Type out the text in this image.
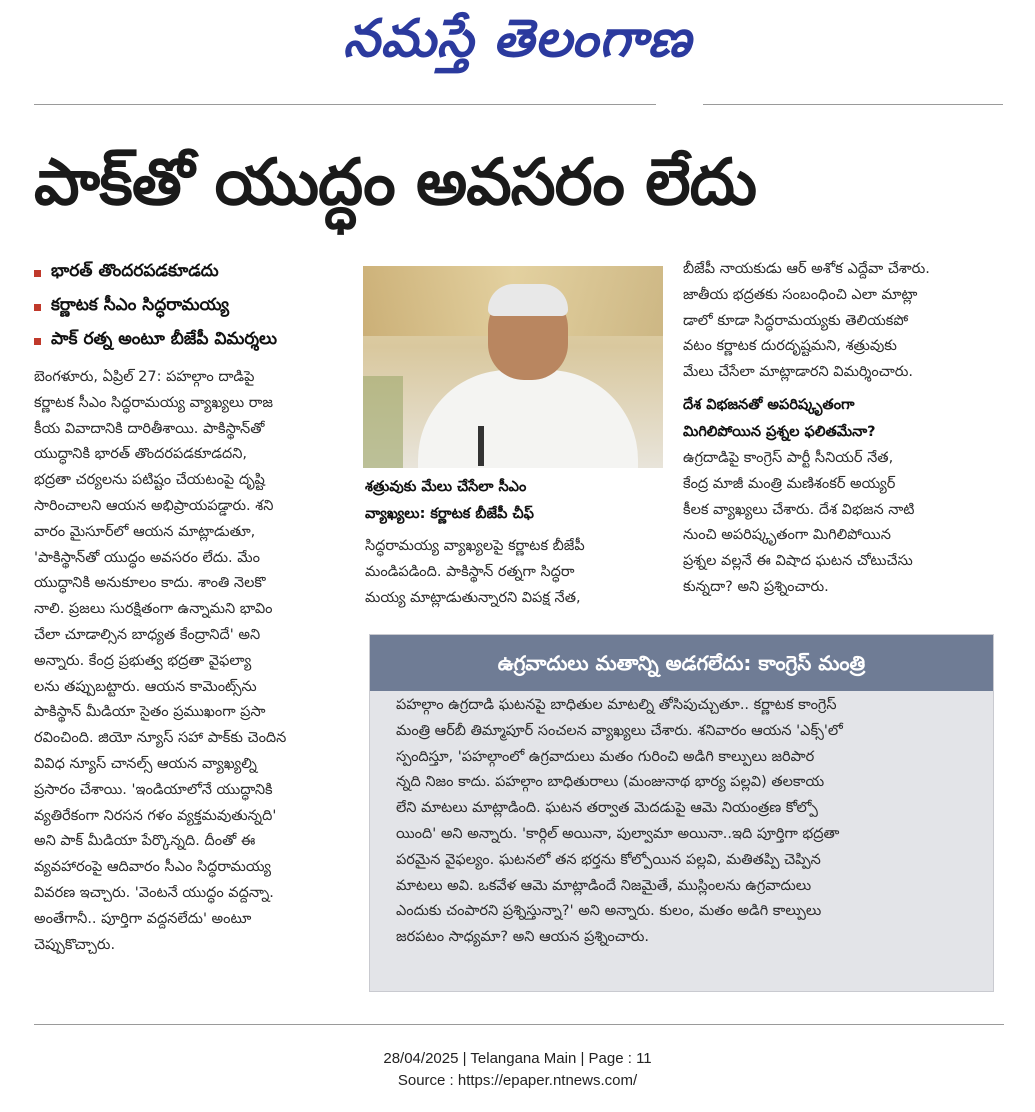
నమస్తే తెలంగాణ
పాక్‌తో యుద్ధం అవసరం లేదు
భారత్ తొందరపడకూడదు
కర్ణాటక సీఎం సిద్ధరామయ్య
పాక్ రత్న అంటూ బీజేపీ విమర్శలు

బెంగళూరు, ఏప్రిల్ 27: పహల్గాం దాడిపై

కర్ణాటక సీఎం సిద్ధరామయ్య వ్యాఖ్యలు రాజ

కీయ వివాదానికి దారితీశాయి. పాకిస్థాన్‌తో

యుద్ధానికి భారత్ తొందరపడకూడదని,

భద్రతా చర్యలను పటిష్టం చేయటంపై దృష్టి

సారించాలని ఆయన అభిప్రాయపడ్డారు. శని

వారం మైసూర్‌లో ఆయన మాట్లాడుతూ,

'పాకిస్థాన్‌తో యుద్ధం అవసరం లేదు. మేం

యుద్ధానికి అనుకూలం కాదు. శాంతి నెలకొ

నాలి. ప్రజలు సురక్షితంగా ఉన్నామని భావిం

చేలా చూడాల్సిన బాధ్యత కేంద్రానిదే' అని

అన్నారు. కేంద్ర ప్రభుత్వ భద్రతా వైఫల్యా

లను తప్పుబట్టారు. ఆయన కామెంట్స్‌ను

పాకిస్థాన్ మీడియా సైతం ప్రముఖంగా ప్రసా

రవించింది. జియో న్యూస్ సహా పాక్‌కు చెందిన

వివిధ న్యూస్ చానల్స్ ఆయన వ్యాఖ్యల్ని

ప్రసారం చేశాయి. 'ఇండియాలోనే యుద్ధానికి

వ్యతిరేకంగా నిరసన గళం వ్యక్తమవుతున్నది'

అని పాక్ మీడియా పేర్కొన్నది. దీంతో ఈ

వ్యవహారంపై ఆదివారం సీఎం సిద్ధరామయ్య

వివరణ ఇచ్చారు. 'వెంటనే యుద్ధం వద్దన్నా.

అంతేగానీ.. పూర్తిగా వద్దనలేదు' అంటూ

చెప్పుకొచ్చారు.

శత్రువుకు మేలు చేసేలా సీఎం

వ్యాఖ్యలు: కర్ణాటక బీజేపీ చీఫ్

సిద్ధరామయ్య వ్యాఖ్యలపై కర్ణాటక బీజేపీ

మండిపడింది. పాకిస్థాన్ రత్నగా సిద్ధరా

మయ్య మాట్లాడుతున్నారని విపక్ష నేత,

బీజేపీ నాయకుడు ఆర్ అశోక ఎద్దేవా చేశారు.

జాతీయ భద్రతకు సంబంధించి ఎలా మాట్లా

డాలో కూడా సిద్ధరామయ్యకు తెలియకపో

వటం కర్ణాటక దురదృష్టమని, శత్రువుకు

మేలు చేసేలా మాట్లాడారని విమర్శించారు.

దేశ విభజనతో అపరిష్కృతంగా

మిగిలిపోయిన ప్రశ్నల ఫలితమేనా?

ఉగ్రదాడిపై కాంగ్రెస్ పార్టీ సీనియర్ నేత,

కేంద్ర మాజీ మంత్రి మణిశంకర్ అయ్యర్

కీలక వ్యాఖ్యలు చేశారు. దేశ విభజన నాటి

నుంచి అపరిష్కృతంగా మిగిలిపోయిన

ప్రశ్నల వల్లనే ఈ విషాద ఘటన చోటుచేసు

కున్నదా? అని ప్రశ్నించారు.

ఉగ్రవాదులు మతాన్ని అడగలేదు: కాంగ్రెస్ మంత్రి

పహల్గాం ఉగ్రదాడి ఘటనపై బాధితుల మాటల్ని తోసిపుచ్చుతూ.. కర్ణాటక కాంగ్రెస్

మంత్రి ఆర్‌బీ తిమ్మాపూర్ సంచలన వ్యాఖ్యలు చేశారు. శనివారం ఆయన 'ఎక్స్'లో

స్పందిస్తూ, 'పహల్గాంలో ఉగ్రవాదులు మతం గురించి అడిగి కాల్పులు జరిపార

న్నది నిజం కాదు. పహల్గాం బాధితురాలు (మంజునాథ భార్య పల్లవి) తలకాయ

లేని మాటలు మాట్లాడింది. ఘటన తర్వాత మెదడుపై ఆమె నియంత్రణ కోల్పో

యింది' అని అన్నారు. 'కార్గిల్ అయినా, పుల్వామా అయినా..ఇది పూర్తిగా భద్రతా

పరమైన వైఫల్యం. ఘటనలో తన భర్తను కోల్పోయిన పల్లవి, మతితప్పి చెప్పిన

మాటలు అవి. ఒకవేళ ఆమె మాట్లాడిందే నిజమైతే, ముస్లింలను ఉగ్రవాదులు

ఎందుకు చంపారని ప్రశ్నిస్తున్నా?' అని అన్నారు. కులం, మతం అడిగి కాల్పులు

జరపటం సాధ్యమా? అని ఆయన ప్రశ్నించారు.

28/04/2025 | Telangana Main | Page : 11
Source : https://epaper.ntnews.com/
